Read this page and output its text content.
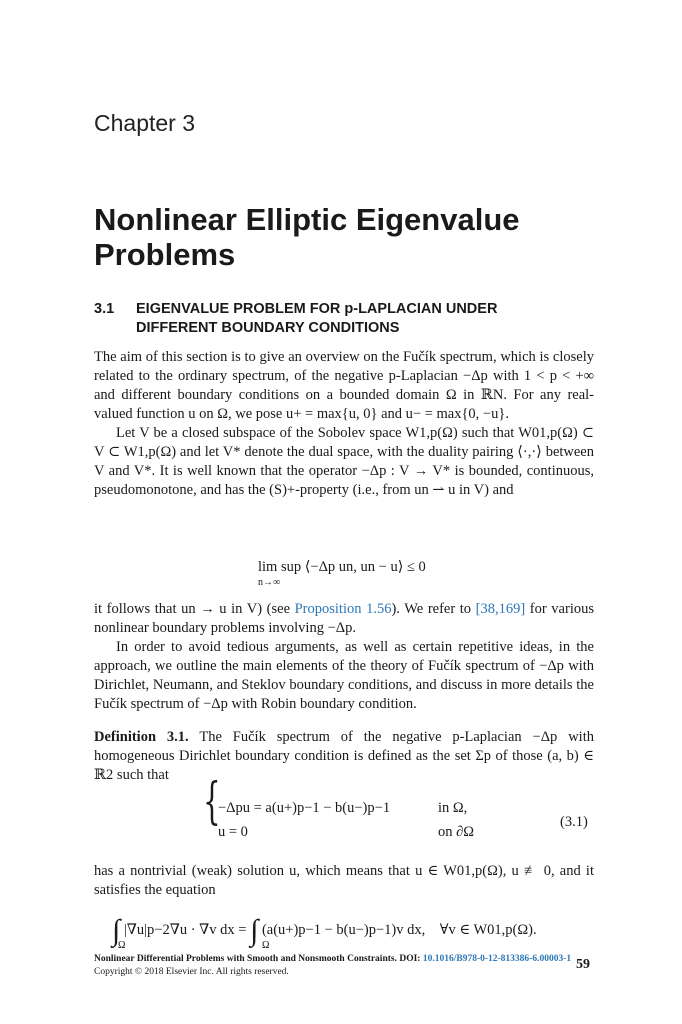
Chapter 3
Nonlinear Elliptic Eigenvalue
Problems
3.1	EIGENVALUE PROBLEM FOR p-LAPLACIAN UNDER
DIFFERENT BOUNDARY CONDITIONS

The aim of this section is to give an overview on the Fučík spectrum, which is closely related to the ordinary spectrum, of the negative p-Laplacian −Δp with 1 < p < +∞ and different boundary conditions on a bounded domain Ω in ℝN. For any real-valued function u on Ω, we pose u+ = max{u, 0} and u− = max{0, −u}.

Let V be a closed subspace of the Sobolev space W1,p(Ω) such that W01,p(Ω) ⊂ V ⊂ W1,p(Ω) and let V* denote the dual space, with the duality pairing ⟨·,·⟩ between V and V*. It is well known that the operator −Δp : V → V* is bounded, continuous, pseudomonotone, and has the (S)+-property (i.e., from un ⇀ u in V) and

lim sup ⟨−Δp un, un − u⟩ ≤ 0
n→∞

it follows that un → u in V) (see Proposition 1.56). We refer to [38,169] for various nonlinear boundary problems involving −Δp.

In order to avoid tedious arguments, as well as certain repetitive ideas, in the approach, we outline the main elements of the theory of Fučík spectrum of −Δp with Dirichlet, Neumann, and Steklov boundary conditions, and discuss in more details the Fučík spectrum of −Δp with Robin boundary condition.

Definition 3.1. The Fučík spectrum of the negative p-Laplacian −Δp with homogeneous Dirichlet boundary condition is defined as the set Σp of those (a, b) ∈ ℝ2 such that {
−Δpu = a(u+)p−1 − b(u−)p−1	in Ω,
u = 0	on ∂Ω
(3.1)

has a nontrivial (weak) solution u, which means that u ∈ W01,p(Ω), u ≢ 0, and it satisfies the equation

∫ |∇u|p−2∇u · ∇v dx = ∫ (a(u+)p−1 − b(u−)p−1)v dx, ∀v ∈ W01,p(Ω).
Ω	Ω
Nonlinear Differential Problems with Smooth and Nonsmooth Constraints. DOI: 10.1016/B978-0-12-813386-6.00003-1
Copyright © 2018 Elsevier Inc. All rights reserved.	59
